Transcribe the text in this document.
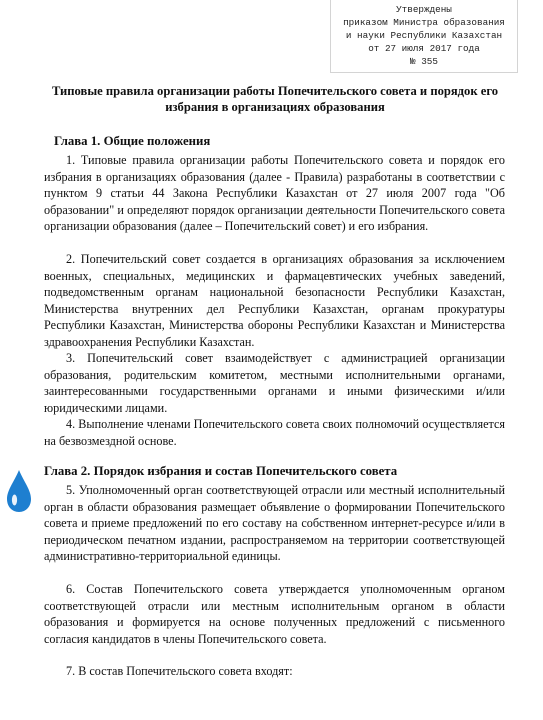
Утверждены
приказом Министра образования
и науки Республики Казахстан
от 27 июля 2017 года
№ 355
Типовые правила организации работы Попечительского совета и порядок его избрания в организациях образования
Глава 1. Общие положения
1. Типовые правила организации работы Попечительского совета и порядок его избрания в организациях образования (далее - Правила) разработаны в соответствии с пунктом 9 статьи 44 Закона Республики Казахстан от 27 июля 2007 года "Об образовании" и определяют порядок организации деятельности Попечительского совета организации образования (далее – Попечительский совет) и его избрания.
2. Попечительский совет создается в организациях образования за исключением военных, специальных, медицинских и фармацевтических учебных заведений, подведомственным органам национальной безопасности Республики Казахстан, Министерства внутренних дел Республики Казахстан, органам прокуратуры Республики Казахстан, Министерства обороны Республики Казахстан и Министерства здравоохранения Республики Казахстан.
3. Попечительский совет взаимодействует с администрацией организации образования, родительским комитетом, местными исполнительными органами, заинтересованными государственными органами и иными физическими и/или юридическими лицами.
4. Выполнение членами Попечительского совета своих полномочий осуществляется на безвозмездной основе.
Глава 2. Порядок избрания и состав Попечительского совета
5. Уполномоченный орган соответствующей отрасли или местный исполнительный орган в области образования размещает объявление о формировании Попечительского совета и приеме предложений по его составу на собственном интернет-ресурсе и/или в периодическом печатном издании, распространяемом на территории соответствующей административно-территориальной единицы.
6. Состав Попечительского совета утверждается уполномоченным органом соответствующей отрасли или местным исполнительным органом в области образования и формируется на основе полученных предложений с письменного согласия кандидатов в члены Попечительского совета.
7. В состав Попечительского совета входят:
